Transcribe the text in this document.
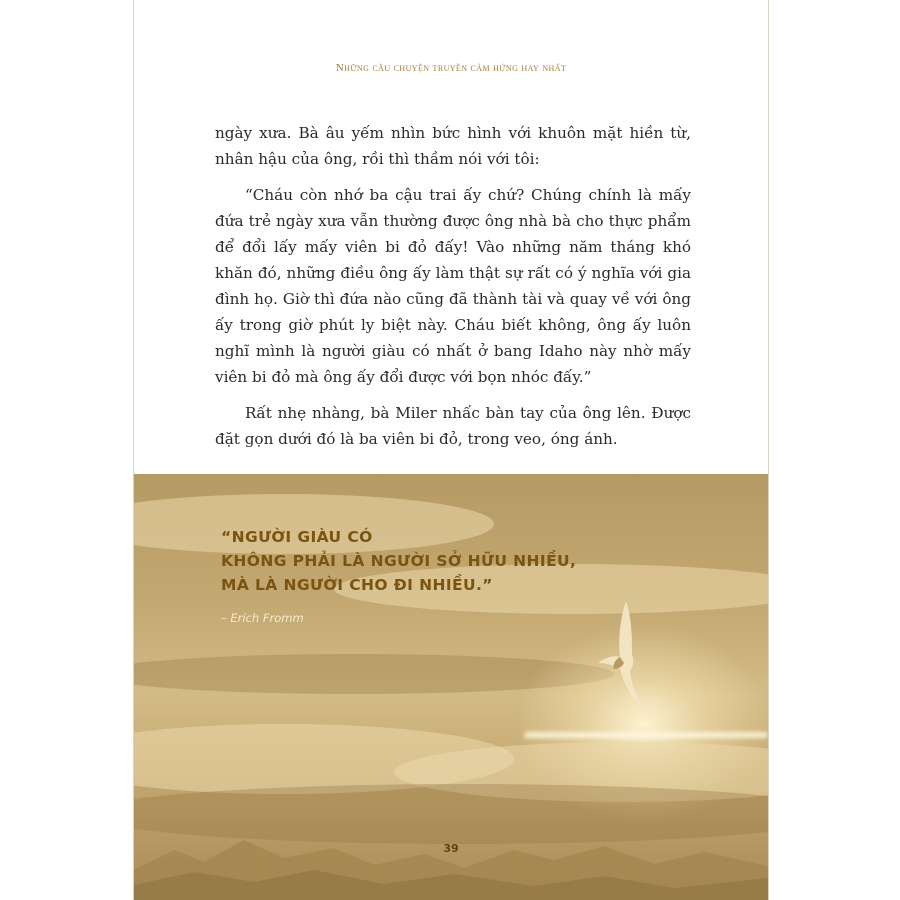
Những câu chuyện truyền cảm hứng hay nhất

ngày xưa. Bà âu yếm nhìn bức hình với khuôn mặt hiền từ, nhân hậu của ông, rồi thì thầm nói với tôi:

“Cháu còn nhớ ba cậu trai ấy chứ? Chúng chính là mấy đứa trẻ ngày xưa vẫn thường được ông nhà bà cho thực phẩm để đổi lấy mấy viên bi đỏ đấy! Vào những năm tháng khó khăn đó, những điều ông ấy làm thật sự rất có ý nghĩa với gia đình họ. Giờ thì đứa nào cũng đã thành tài và quay về với ông ấy trong giờ phút ly biệt này. Cháu biết không, ông ấy luôn nghĩ mình là người giàu có nhất ở bang Idaho này nhờ mấy viên bi đỏ mà ông ấy đổi được với bọn nhóc đấy.”

Rất nhẹ nhàng, bà Miler nhấc bàn tay của ông lên. Được đặt gọn dưới đó là ba viên bi đỏ, trong veo, óng ánh.

“NGƯỜI GIÀU CÓ
KHÔNG PHẢI LÀ NGƯỜI SỞ HỮU NHIỀU,
MÀ LÀ NGƯỜI CHO ĐI NHIỀU.”
– Erich Fromm
39
